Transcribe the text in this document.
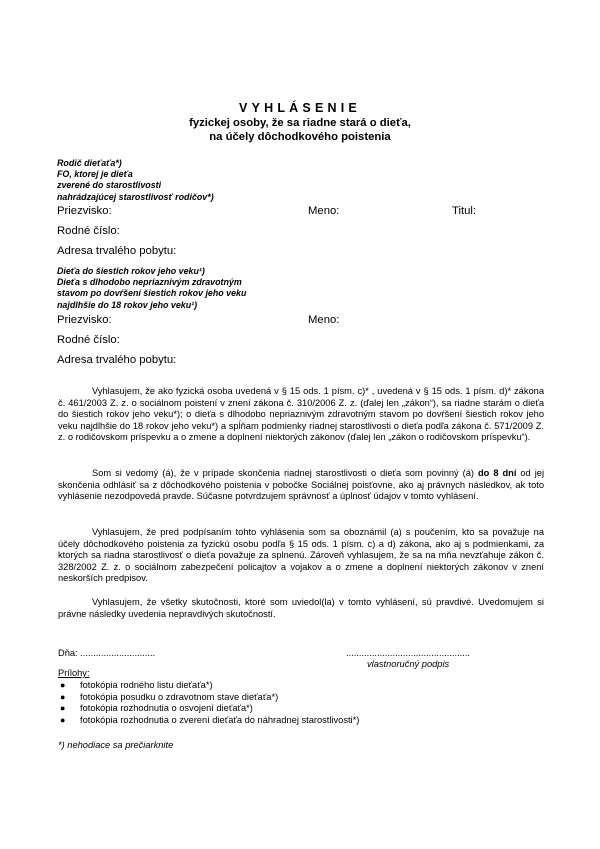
VYHLÁSENIE
fyzickej osoby, že sa riadne stará o dieťa,
na účely dôchodkového poistenia
Rodič dieťaťa*)
FO, ktorej je dieťa
zverené do starostlivosti
nahrádzajúcej starostlivosť rodičov*)
Priezvisko:	Meno:	Titul:
Rodné číslo:
Adresa trvalého pobytu:
Dieťa do šiestich rokov jeho veku¹)
Dieťa s dlhodobo nepriaznivým zdravotným
stavom po dovŕšení šiestich rokov jeho veku
najdlhšie do 18 rokov jeho veku¹)
Priezvisko:	Meno:
Rodné číslo:
Adresa trvalého pobytu:
Vyhlasujem, že ako fyzická osoba uvedená v § 15 ods. 1 písm. c)* , uvedená v § 15 ods. 1 písm. d)* zákona č. 461/2003 Z. z. o sociálnom poistení v znení zákona č. 310/2006 Z. z. (ďalej len „zákon“), sa riadne starám o dieťa do šiestich rokov jeho veku*); o dieťa s dlhodobo nepriaznivým zdravotným stavom po dovŕšení šiestich rokov jeho veku najdlhšie do 18 rokov jeho veku*) a spĺňam podmienky riadnej starostlivosti o dieťa podľa zákona č. 571/2009 Z. z. o rodičovskom príspevku a o zmene a doplnení niektorých zákonov (ďalej len „zákon o rodičovskom príspevku“).
Som si vedomý (á), že v prípade skončenia riadnej starostlivosti o dieťa som povinný (á) do 8 dní od jej skončenia odhlásiť sa z dôchodkového poistenia v pobočke Sociálnej poisťovne, ako aj právnych následkov, ak toto vyhlásenie nezodpovedá pravde. Súčasne potvrdzujem správnosť a úplnosť údajov v tomto vyhlásení.
Vyhlasujem, že pred podpísaním tohto vyhlásenia som sa oboznámil (a) s poučením, kto sa považuje na účely dôchodkového poistenia za fyzickú osobu podľa § 15 ods. 1 písm. c) a d) zákona, ako aj s podmienkami, za ktorých sa riadna starostlivosť o dieťa považuje za splnenú. Zároveň vyhlasujem, že sa na mňa nevzťahuje zákon č. 328/2002 Z. z. o sociálnom zabezpečení policajtov a vojakov a o zmene a doplnení niektorých zákonov v znení neskorších predpisov.
Vyhlasujem, že všetky skutočnosti, ktoré som uviedol(la) v tomto vyhlásení, sú pravdivé. Uvedomujem si právne následky uvedenia nepravdivých skutočností.
Dňa: .............................	................................................
vlastnoručný podpis
Prílohy:
● fotokópia rodného listu dieťaťa*)
● fotokópia posudku o zdravotnom stave dieťaťa*)
● fotokópia rozhodnutia o osvojení dieťaťa*)
● fotokópia rozhodnutia o zverení dieťaťa do náhradnej starostlivosti*)
*) nehodiace sa prečiarknite
